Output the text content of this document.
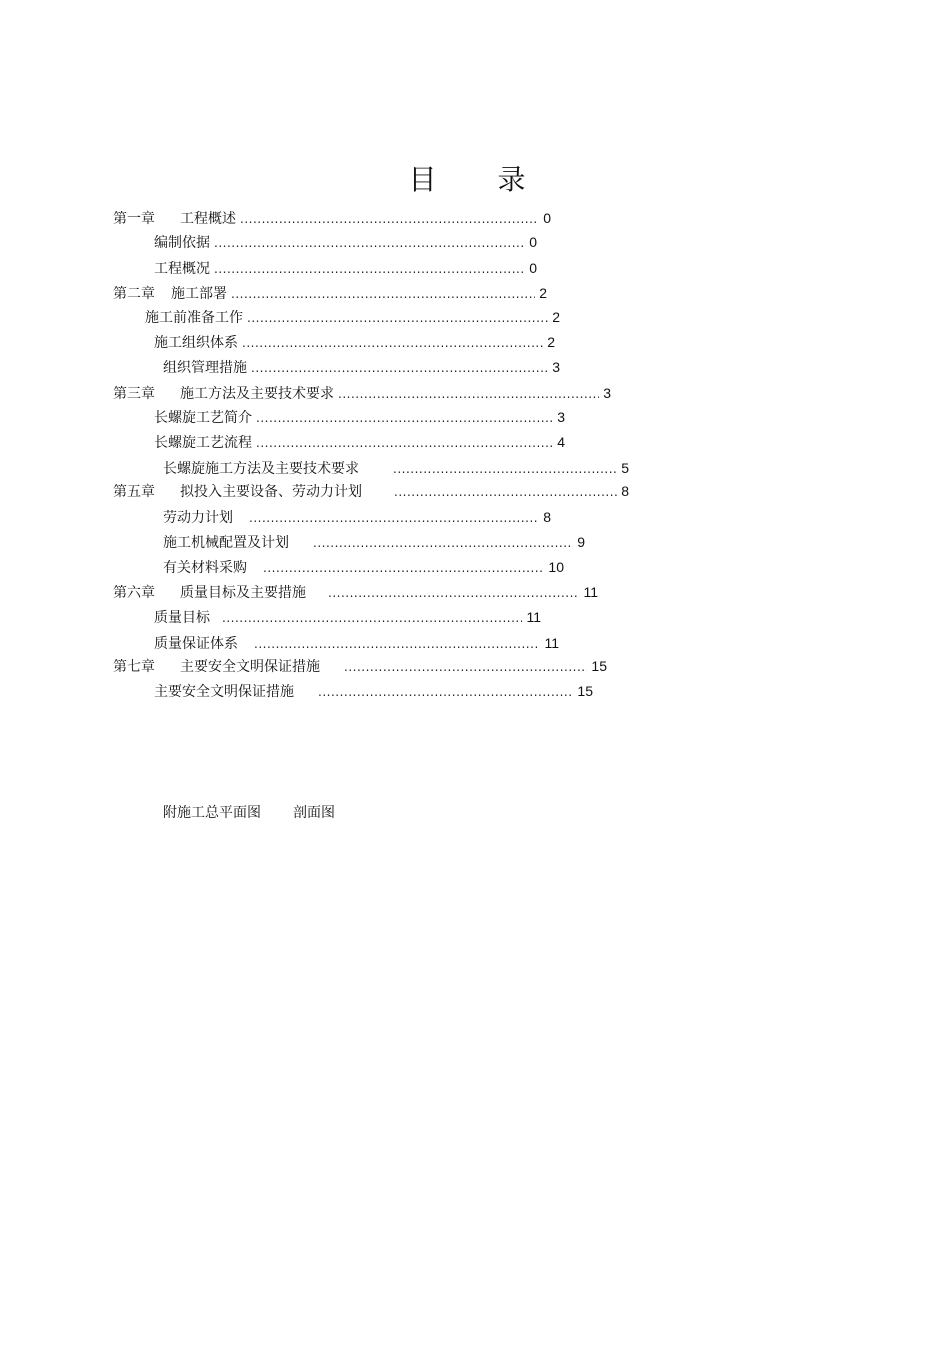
目 录
第一章 工程概述 .....	0
编制依据 .....	0
工程概况 .....	0
第二章 施工部署 .....	2
施工前准备工作 .....	2
施工组织体系 .....	2
组织管理措施 .....	3
第三章 施工方法及主要技术要求 .....	3
长螺旋工艺简介 .....	3
长螺旋工艺流程 .....	4
长螺旋施工方法及主要技术要求 .....	5
第五章 拟投入主要设备、劳动力计划 .....	8
劳动力计划 .....	8
施工机械配置及计划 .....	9
有关材料采购 .....	10
第六章 质量目标及主要措施 .....	11
质量目标 .....	11
质量保证体系 .....	11
第七章 主要安全文明保证措施 .....	15
主要安全文明保证措施 .....	15
附施工总平面图 剖面图
